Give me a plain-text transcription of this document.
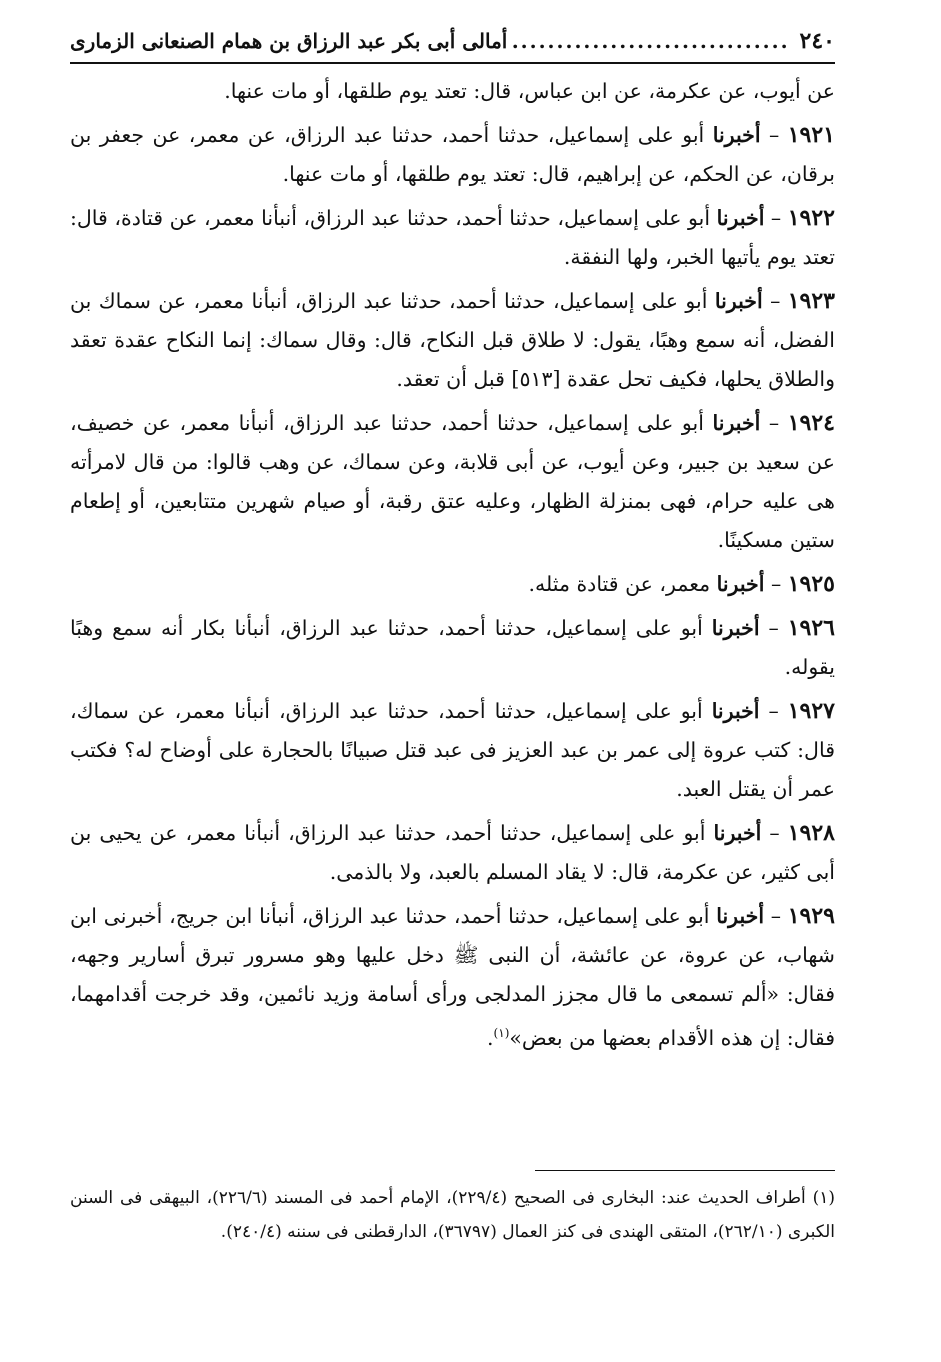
٢٤٠
.....
أمالى أبى بكر عبد الرزاق بن همام الصنعانى الزمارى

عن أيوب، عن عكرمة، عن ابن عباس، قال: تعتد يوم طلقها، أو مات عنها.

١٩٢١ – أخبرنا أبو على إسماعيل، حدثنا أحمد، حدثنا عبد الرزاق، عن معمر، عن جعفر بن برقان، عن الحكم، عن إبراهيم، قال: تعتد يوم طلقها، أو مات عنها.

١٩٢٢ – أخبرنا أبو على إسماعيل، حدثنا أحمد، حدثنا عبد الرزاق، أنبأنا معمر، عن قتادة، قال: تعتد يوم يأتيها الخبر، ولها النفقة.

١٩٢٣ – أخبرنا أبو على إسماعيل، حدثنا أحمد، حدثنا عبد الرزاق، أنبأنا معمر، عن سماك بن الفضل، أنه سمع وهبًا، يقول: لا طلاق قبل النكاح، قال: وقال سماك: إنما النكاح عقدة تعقد والطلاق يحلها، فكيف تحل عقدة [٥١٣] قبل أن تعقد.

١٩٢٤ – أخبرنا أبو على إسماعيل، حدثنا أحمد، حدثنا عبد الرزاق، أنبأنا معمر، عن خصيف، عن سعيد بن جبير، وعن أيوب، عن أبى قلابة، وعن سماك، عن وهب قالوا: من قال لامرأته هى عليه حرام، فهى بمنزلة الظهار، وعليه عتق رقبة، أو صيام شهرين متتابعين، أو إطعام ستين مسكينًا.

١٩٢٥ – أخبرنا معمر، عن قتادة مثله.

١٩٢٦ – أخبرنا أبو على إسماعيل، حدثنا أحمد، حدثنا عبد الرزاق، أنبأنا بكار أنه سمع وهبًا يقوله.

١٩٢٧ – أخبرنا أبو على إسماعيل، حدثنا أحمد، حدثنا عبد الرزاق، أنبأنا معمر، عن سماك، قال: كتب عروة إلى عمر بن عبد العزيز فى عبد قتل صبيانًا بالحجارة على أوضاح له؟ فكتب عمر أن يقتل العبد.

١٩٢٨ – أخبرنا أبو على إسماعيل، حدثنا أحمد، حدثنا عبد الرزاق، أنبأنا معمر، عن يحيى بن أبى كثير، عن عكرمة، قال: لا يقاد المسلم بالعبد، ولا بالذمى.

١٩٢٩ – أخبرنا أبو على إسماعيل، حدثنا أحمد، حدثنا عبد الرزاق، أنبأنا ابن جريج، أخبرنى ابن شهاب، عن عروة، عن عائشة، أن النبى ﷺ دخل عليها وهو مسرور تبرق أسارير وجهه، فقال: «ألم تسمعى ما قال مجزز المدلجى ورأى أسامة وزيد نائمين، وقد خرجت أقدامهما، فقال: إن هذه الأقدام بعضها من بعض»$^{(١)}$.

(١) أطراف الحديث عند: البخارى فى الصحيح (٢٢٩/٤)، الإمام أحمد فى المسند (٢٢٦/٦)، البيهقى فى السنن الكبرى (٢٦٢/١٠)، المتقى الهندى فى كنز العمال (٣٦٧٩٧)، الدارقطنى فى سننه (٢٤٠/٤).
